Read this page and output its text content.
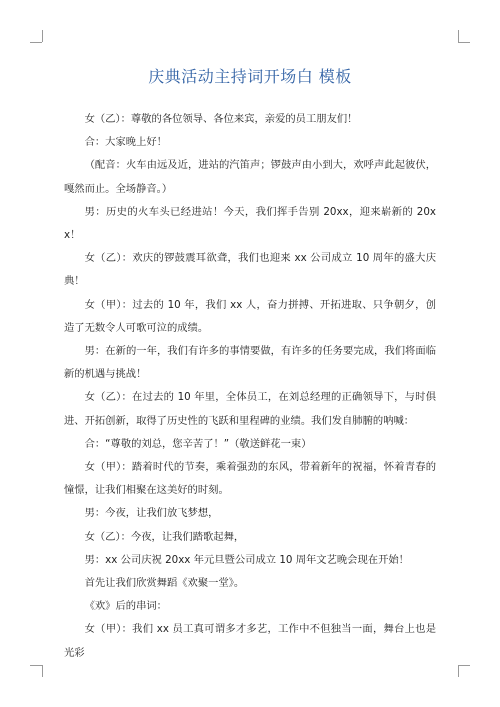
庆典活动主持词开场白 模板

女（乙）：尊敬的各位领导、各位来宾，亲爱的员工朋友们！

合：大家晚上好！

（配音：火车由远及近，进站的汽笛声；锣鼓声由小到大，欢呼声此起彼伏，嘎然而止。全场静音。）

男：历史的火车头已经进站！今天，我们挥手告别 20xx，迎来崭新的 20xx！

女（乙）：欢庆的锣鼓震耳欲聋，我们也迎来 xx 公司成立 10 周年的盛大庆典！

女（甲）：过去的 10 年，我们 xx 人，奋力拼搏、开拓进取、只争朝夕，创造了无数令人可歌可泣的成绩。

男：在新的一年，我们有许多的事情要做，有许多的任务要完成，我们将面临新的机遇与挑战！

女（乙）：在过去的 10 年里，全体员工，在刘总经理的正确领导下，与时俱进、开拓创新，取得了历史性的飞跃和里程碑的业绩。我们发自肺腑的呐喊：

合：“尊敬的刘总，您辛苦了！”（敬送鲜花一束）

女（甲）：踏着时代的节奏，乘着强劲的东风，带着新年的祝福，怀着青春的憧憬，让我们相聚在这美好的时刻。

男：今夜，让我们放飞梦想，

女（乙）：今夜，让我们踏歌起舞，

男：xx 公司庆祝 20xx 年元旦暨公司成立 10 周年文艺晚会现在开始！

首先让我们欣赏舞蹈《欢聚一堂》。

《欢》后的串词：

女（甲）：我们 xx 员工真可谓多才多艺，工作中不但独当一面，舞台上也是光彩
